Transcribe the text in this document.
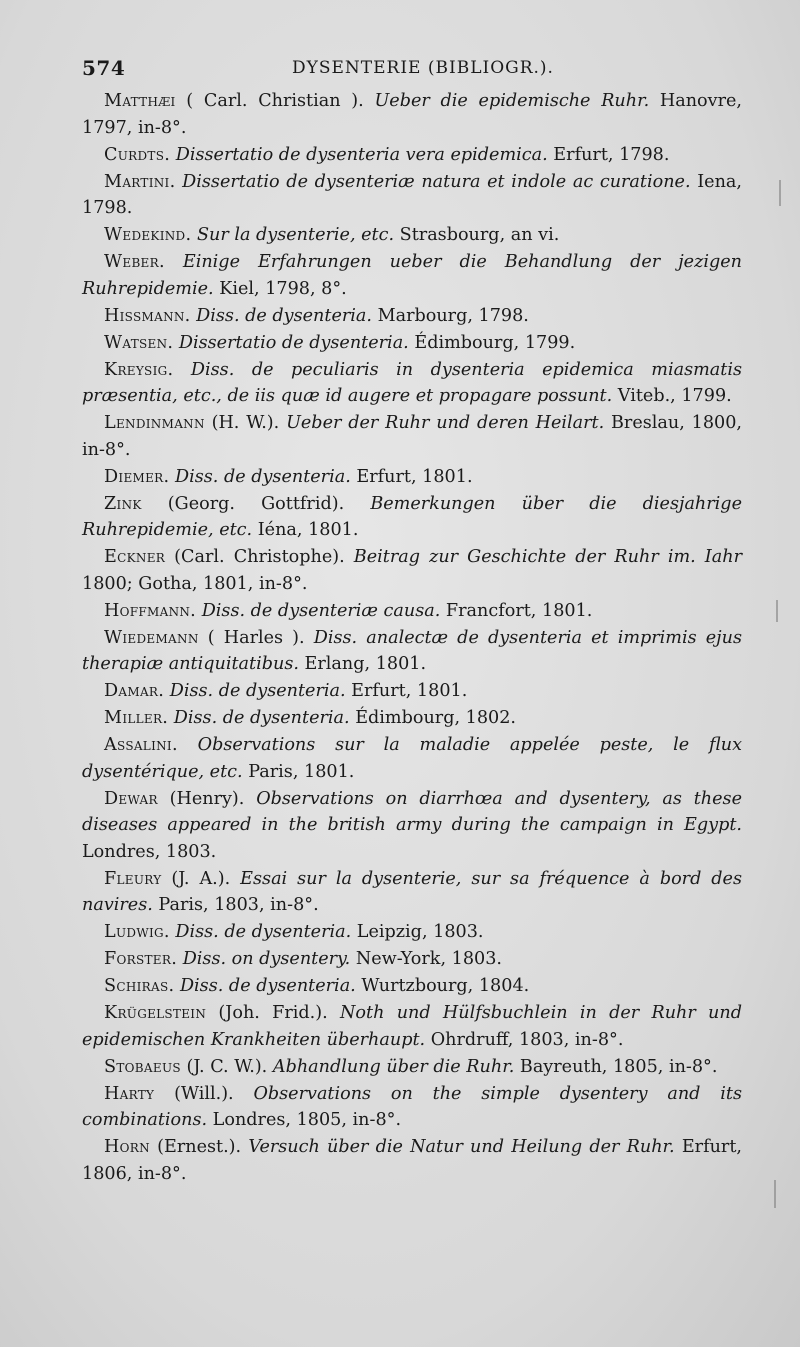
574	DYSENTERIE (BIBLIOGR.).

Matthæi ( Carl. Christian ). Ueber die epidemische Ruhr. Hanovre, 1797, in-8°.

Curdts. Dissertatio de dysenteria vera epidemica. Erfurt, 1798.

Martini. Dissertatio de dysenteriæ natura et indole ac curatione. Iena, 1798.

Wedekind. Sur la dysenterie, etc. Strasbourg, an vi.

Weber. Einige Erfahrungen ueber die Behandlung der jezigen Ruhrepidemie. Kiel, 1798, 8°.

Hissmann. Diss. de dysenteria. Marbourg, 1798.

Watsen. Dissertatio de dysenteria. Édimbourg, 1799.

Kreysig. Diss. de peculiaris in dysenteria epidemica miasmatis præsentia, etc., de iis quæ id augere et propagare possunt. Viteb., 1799.

Lendinmann (H. W.). Ueber der Ruhr und deren Heilart. Breslau, 1800, in-8°.

Diemer. Diss. de dysenteria. Erfurt, 1801.

Zink (Georg. Gottfrid). Bemerkungen über die diesjahrige Ruhrepidemie, etc. Iéna, 1801.

Eckner (Carl. Christophe). Beitrag zur Geschichte der Ruhr im. Iahr 1800; Gotha, 1801, in-8°.

Hoffmann. Diss. de dysenteriæ causa. Francfort, 1801.

Wiedemann ( Harles ). Diss. analectæ de dysenteria et imprimis ejus therapiæ antiquitatibus. Erlang, 1801.

Damar. Diss. de dysenteria. Erfurt, 1801.

Miller. Diss. de dysenteria. Édimbourg, 1802.

Assalini. Observations sur la maladie appelée peste, le flux dysentérique, etc. Paris, 1801.

Dewar (Henry). Observations on diarrhœa and dysentery, as these diseases appeared in the british army during the campaign in Egypt. Londres, 1803.

Fleury (J. A.). Essai sur la dysenterie, sur sa fréquence à bord des navires. Paris, 1803, in-8°.

Ludwig. Diss. de dysenteria. Leipzig, 1803.

Forster. Diss. on dysentery. New-York, 1803.

Schiras. Diss. de dysenteria. Wurtzbourg, 1804.

Krügelstein (Joh. Frid.). Noth und Hülfsbuchlein in der Ruhr und epidemischen Krankheiten überhaupt. Ohrdruff, 1803, in-8°.

Stobaeus (J. C. W.). Abhandlung über die Ruhr. Bayreuth, 1805, in-8°.

Harty (Will.). Observations on the simple dysentery and its combinations. Londres, 1805, in-8°.

Horn (Ernest.). Versuch über die Natur und Heilung der Ruhr. Erfurt, 1806, in-8°.
